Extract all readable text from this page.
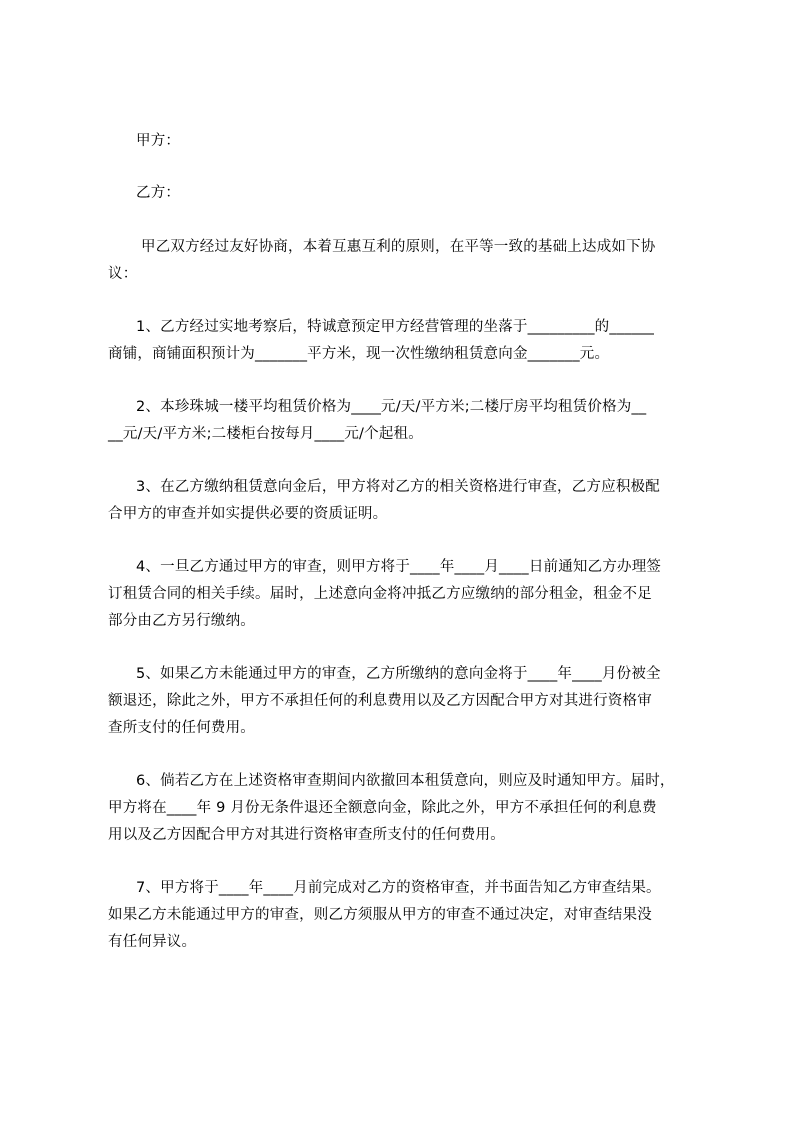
甲方：
乙方：
甲乙双方经过友好协商，本着互惠互利的原则，在平等一致的基础上达成如下协
议：
1、乙方经过实地考察后，特诚意预定甲方经营管理的坐落于_________的______
商铺，商铺面积预计为_______平方米，现一次性缴纳租赁意向金_______元。
2、本珍珠城一楼平均租赁价格为____元/天/平方米;二楼厅房平均租赁价格为__
__元/天/平方米;二楼柜台按每月____元/个起租。
3、在乙方缴纳租赁意向金后，甲方将对乙方的相关资格进行审查，乙方应积极配
合甲方的审查并如实提供必要的资质证明。
4、一旦乙方通过甲方的审查，则甲方将于____年____月____日前通知乙方办理签
订租赁合同的相关手续。届时，上述意向金将冲抵乙方应缴纳的部分租金，租金不足
部分由乙方另行缴纳。
5、如果乙方未能通过甲方的审查，乙方所缴纳的意向金将于____年____月份被全
额退还，除此之外，甲方不承担任何的利息费用以及乙方因配合甲方对其进行资格审
查所支付的任何费用。
6、倘若乙方在上述资格审查期间内欲撤回本租赁意向，则应及时通知甲方。届时，
甲方将在____年 9 月份无条件退还全额意向金，除此之外，甲方不承担任何的利息费
用以及乙方因配合甲方对其进行资格审查所支付的任何费用。
7、甲方将于____年____月前完成对乙方的资格审查，并书面告知乙方审查结果。
如果乙方未能通过甲方的审查，则乙方须服从甲方的审查不通过决定，对审查结果没
有任何异议。
